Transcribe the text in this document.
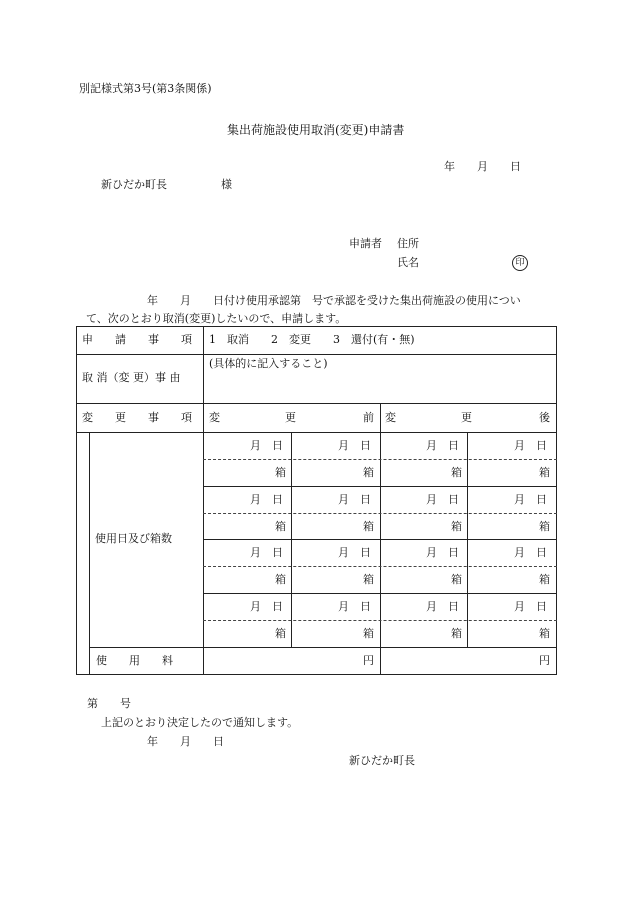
別記様式第3号(第3条関係)
集出荷施設使用取消(変更)申請書
年　　月　　日
新ひだか町長	様
申請者 住所
氏名	印
年　　月　　日付け使用承認第　号で承認を受けた集出荷施設の使用につい
て、次のとおり取消(変更)したいので、申請します。
申　　請　　事　　項 1　取消　　2　変更　　3　還付(有・無)
取 消（変 更）事 由
(具体的に記入すること)
変　　更　　事　　項 変	更	前 変	更	後
使用日及び箱数
月　日	月　日	月　日	月　日
箱	箱	箱	箱
月　日	月　日	月　日	月　日
箱	箱	箱	箱
月　日	月　日	月　日	月　日
箱	箱	箱	箱
月　日	月　日	月　日	月　日
箱	箱	箱	箱
使　　用　　料	円	円
第　　号
上記のとおり決定したので通知します。
年　　月　　日
新ひだか町長
